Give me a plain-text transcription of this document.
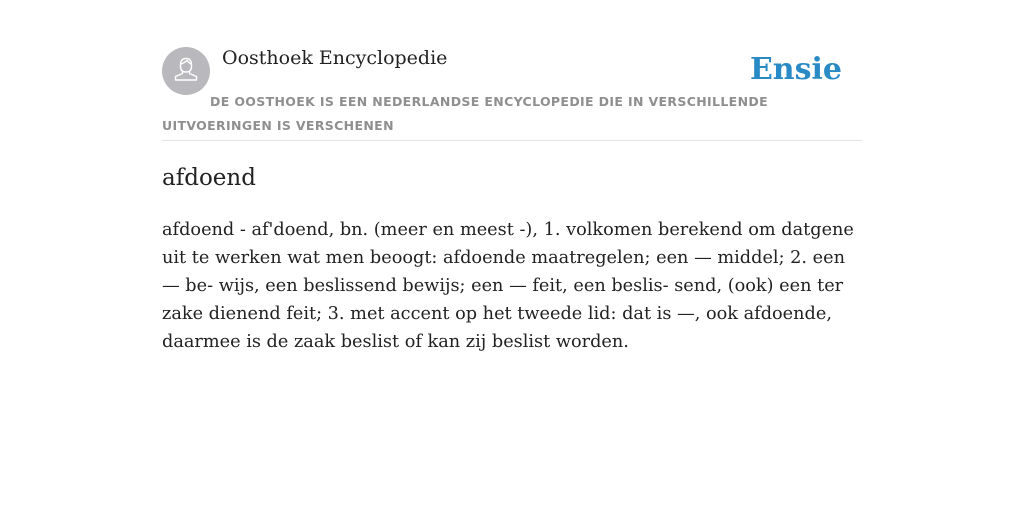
Oosthoek Encyclopedie	Ensie
DE OOSTHOEK IS EEN NEDERLANDSE ENCYCLOPEDIE DIE IN VERSCHILLENDE UITVOERINGEN IS VERSCHENEN
afdoend

afdoend - af'doend, bn. (meer en meest -), 1. volkomen berekend om datgene uit te werken wat men beoogt: afdoende maatregelen; een — middel; 2. een — be- wijs, een beslissend bewijs; een — feit, een beslis- send, (ook) een ter zake dienend feit; 3. met accent op het tweede lid: dat is —, ook afdoende, daarmee is de zaak beslist of kan zij beslist worden.
